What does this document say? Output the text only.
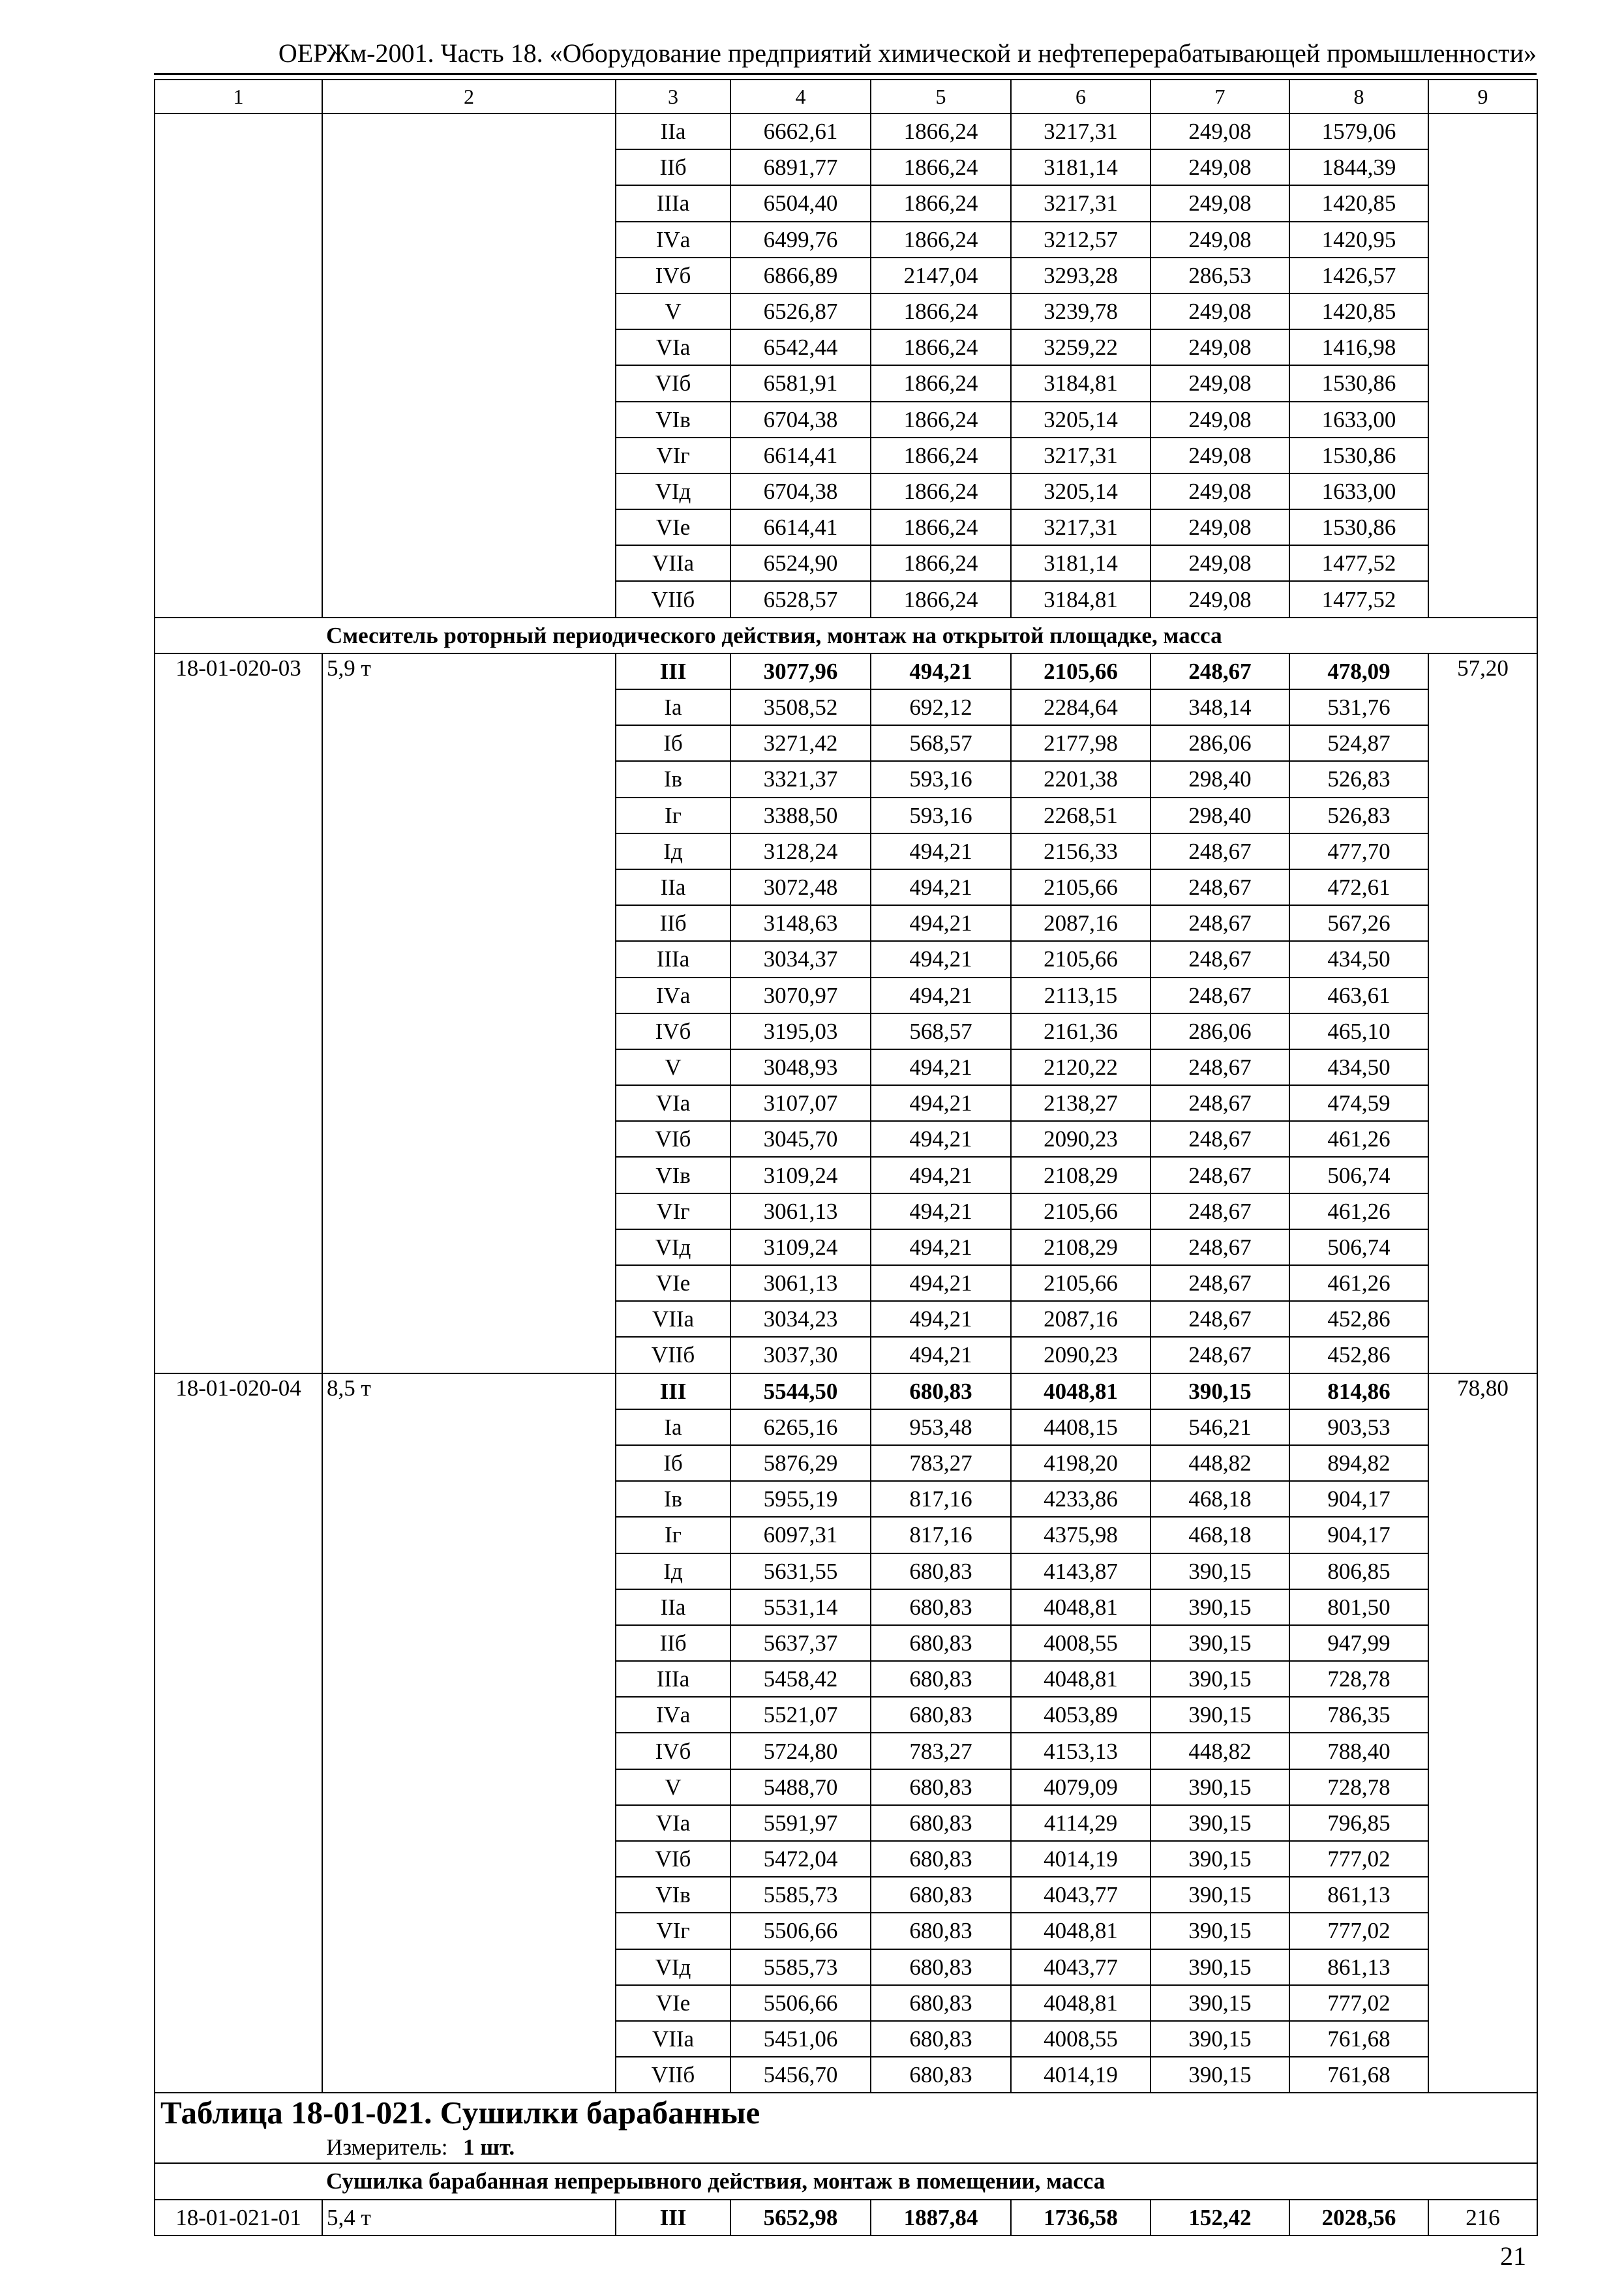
ОЕРЖм-2001. Часть 18. «Оборудование предприятий химической и нефтеперерабатывающей промышленности»
1	2	3	4	5	6	7	8	9
		IIа	6662,61	1866,24	3217,31	249,08	1579,06	
		IIб	6891,77	1866,24	3181,14	249,08	1844,39	
		IIIа	6504,40	1866,24	3217,31	249,08	1420,85	
		IVа	6499,76	1866,24	3212,57	249,08	1420,95	
		IVб	6866,89	2147,04	3293,28	286,53	1426,57	
		V	6526,87	1866,24	3239,78	249,08	1420,85	
		VIа	6542,44	1866,24	3259,22	249,08	1416,98	
		VIб	6581,91	1866,24	3184,81	249,08	1530,86	
		VIв	6704,38	1866,24	3205,14	249,08	1633,00	
		VIг	6614,41	1866,24	3217,31	249,08	1530,86	
		VIд	6704,38	1866,24	3205,14	249,08	1633,00	
		VIе	6614,41	1866,24	3217,31	249,08	1530,86	
		VIIа	6524,90	1866,24	3181,14	249,08	1477,52	
		VIIб	6528,57	1866,24	3184,81	249,08	1477,52	
Смеситель роторный периодического действия, монтаж на открытой площадке, масса								
18-01-020-03	5,9 т	III	3077,96	494,21	2105,66	248,67	478,09	57,20
		Iа	3508,52	692,12	2284,64	348,14	531,76	
		Iб	3271,42	568,57	2177,98	286,06	524,87	
		Iв	3321,37	593,16	2201,38	298,40	526,83	
		Iг	3388,50	593,16	2268,51	298,40	526,83	
		Iд	3128,24	494,21	2156,33	248,67	477,70	
		IIа	3072,48	494,21	2105,66	248,67	472,61	
		IIб	3148,63	494,21	2087,16	248,67	567,26	
		IIIа	3034,37	494,21	2105,66	248,67	434,50	
		IVа	3070,97	494,21	2113,15	248,67	463,61	
		IVб	3195,03	568,57	2161,36	286,06	465,10	
		V	3048,93	494,21	2120,22	248,67	434,50	
		VIа	3107,07	494,21	2138,27	248,67	474,59	
		VIб	3045,70	494,21	2090,23	248,67	461,26	
		VIв	3109,24	494,21	2108,29	248,67	506,74	
		VIг	3061,13	494,21	2105,66	248,67	461,26	
		VIд	3109,24	494,21	2108,29	248,67	506,74	
		VIе	3061,13	494,21	2105,66	248,67	461,26	
		VIIа	3034,23	494,21	2087,16	248,67	452,86	
		VIIб	3037,30	494,21	2090,23	248,67	452,86	
18-01-020-04	8,5 т	III	5544,50	680,83	4048,81	390,15	814,86	78,80
		Iа	6265,16	953,48	4408,15	546,21	903,53	
		Iб	5876,29	783,27	4198,20	448,82	894,82	
		Iв	5955,19	817,16	4233,86	468,18	904,17	
		Iг	6097,31	817,16	4375,98	468,18	904,17	
		Iд	5631,55	680,83	4143,87	390,15	806,85	
		IIа	5531,14	680,83	4048,81	390,15	801,50	
		IIб	5637,37	680,83	4008,55	390,15	947,99	
		IIIа	5458,42	680,83	4048,81	390,15	728,78	
		IVа	5521,07	680,83	4053,89	390,15	786,35	
		IVб	5724,80	783,27	4153,13	448,82	788,40	
		V	5488,70	680,83	4079,09	390,15	728,78	
		VIа	5591,97	680,83	4114,29	390,15	796,85	
		VIб	5472,04	680,83	4014,19	390,15	777,02	
		VIв	5585,73	680,83	4043,77	390,15	861,13	
		VIг	5506,66	680,83	4048,81	390,15	777,02	
		VIд	5585,73	680,83	4043,77	390,15	861,13	
		VIе	5506,66	680,83	4048,81	390,15	777,02	
		VIIа	5451,06	680,83	4008,55	390,15	761,68	
		VIIб	5456,70	680,83	4014,19	390,15	761,68	
Таблица 18-01-021. Сушилки барабанные								
Измеритель: 1 шт.								
Сушилка барабанная непрерывного действия, монтаж в помещении, масса								
18-01-021-01	5,4 т	III	5652,98	1887,84	1736,58	152,42	2028,56	216
21
